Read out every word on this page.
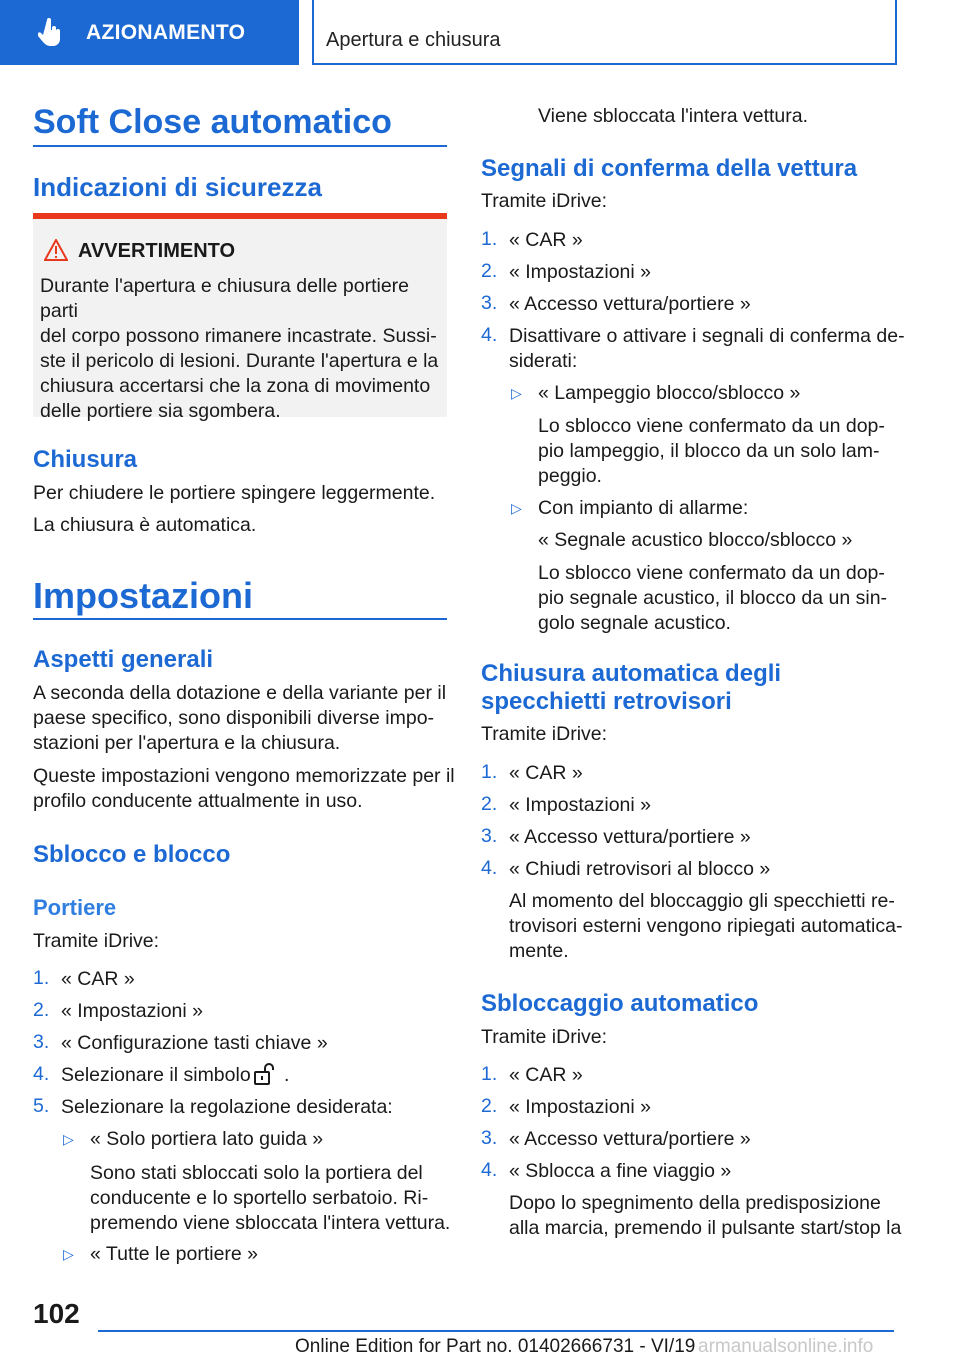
AZIONAMENTO	Apertura e chiusura
Soft Close automatico
Indicazioni di sicurezza
AVVERTIMENTO
Durante l'apertura e chiusura delle portiere parti
del corpo possono rimanere incastrate. Sussi‐
ste il pericolo di lesioni. Durante l'apertura e la
chiusura accertarsi che la zona di movimento
delle portiere sia sgombera.
Chiusura
Per chiudere le portiere spingere leggermente.
La chiusura è automatica.
Impostazioni
Aspetti generali
A seconda della dotazione e della variante per il
paese specifico, sono disponibili diverse impo‐
stazioni per l'apertura e la chiusura.
Queste impostazioni vengono memorizzate per il
profilo conducente attualmente in uso.
Sblocco e blocco
Portiere
Tramite iDrive:
1. « CAR »
2. « Impostazioni »
3. « Configurazione tasti chiave »
4. Selezionare il simbolo .
5. Selezionare la regolazione desiderata:
▷ « Solo portiera lato guida »
Sono stati sbloccati solo la portiera del
conducente e lo sportello serbatoio. Ri‐
premendo viene sbloccata l'intera vettura.
▷ « Tutte le portiere »
Viene sbloccata l'intera vettura.
Segnali di conferma della vettura
Tramite iDrive:
1. « CAR »
2. « Impostazioni »
3. « Accesso vettura/portiere »
4. Disattivare o attivare i segnali di conferma de‐
siderati:
▷ « Lampeggio blocco/sblocco »
Lo sblocco viene confermato da un dop‐
pio lampeggio, il blocco da un solo lam‐
peggio.
▷ Con impianto di allarme:
« Segnale acustico blocco/sblocco »
Lo sblocco viene confermato da un dop‐
pio segnale acustico, il blocco da un sin‐
golo segnale acustico.
Chiusura automatica degli
specchietti retrovisori
Tramite iDrive:
1. « CAR »
2. « Impostazioni »
3. « Accesso vettura/portiere »
4. « Chiudi retrovisori al blocco »
Al momento del bloccaggio gli specchietti re‐
trovisori esterni vengono ripiegati automatica‐
mente.
Sbloccaggio automatico
Tramite iDrive:
1. « CAR »
2. « Impostazioni »
3. « Accesso vettura/portiere »
4. « Sblocca a fine viaggio »
Dopo lo spegnimento della predisposizione
alla marcia, premendo il pulsante start/stop la
102
Online Edition for Part no. 01402666731 - VI/19 armanualsonline.info
